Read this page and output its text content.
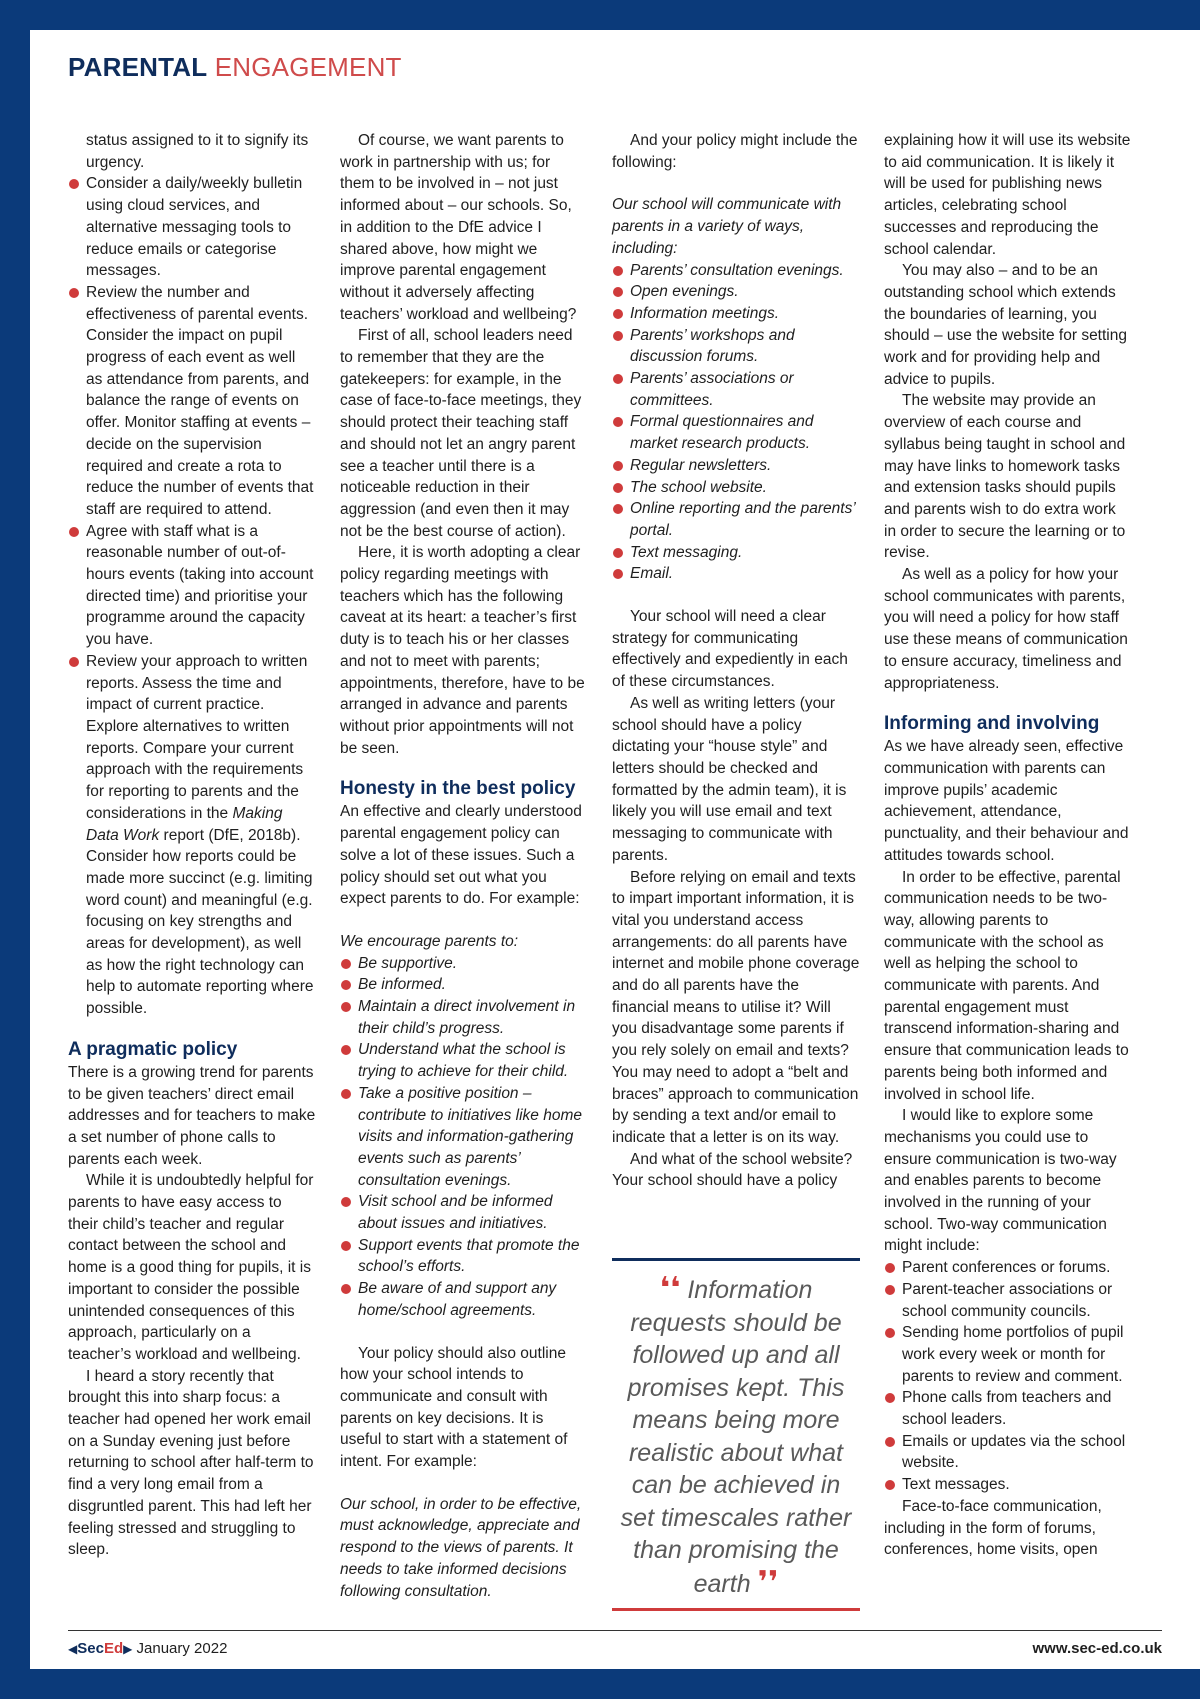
PARENTAL ENGAGEMENT

status assigned to it to signify its urgency.

Consider a daily/weekly bulletin using cloud services, and alternative messaging tools to reduce emails or categorise messages.
Review the number and effectiveness of parental events. Consider the impact on pupil progress of each event as well as attendance from parents, and balance the range of events on offer. Monitor staffing at events – decide on the supervision required and create a rota to reduce the number of events that staff are required to attend.
Agree with staff what is a reasonable number of out-of-hours events (taking into account directed time) and prioritise your programme around the capacity you have.
Review your approach to written reports. Assess the time and impact of current practice. Explore alternatives to written reports. Compare your current approach with the requirements for reporting to parents and the considerations in the Making Data Work report (DfE, 2018b). Consider how reports could be made more succinct (e.g. limiting word count) and meaningful (e.g. focusing on key strengths and areas for development), as well as how the right technology can help to automate reporting where possible.
A pragmatic policy

There is a growing trend for parents to be given teachers’ direct email addresses and for teachers to make a set number of phone calls to parents each week.

While it is undoubtedly helpful for parents to have easy access to their child’s teacher and regular contact between the school and home is a good thing for pupils, it is important to consider the possible unintended consequences of this approach, particularly on a teacher’s workload and wellbeing.

I heard a story recently that brought this into sharp focus: a teacher had opened her work email on a Sunday evening just before returning to school after half-term to find a very long email from a disgruntled parent. This had left her feeling stressed and struggling to sleep.

Of course, we want parents to work in partnership with us; for them to be involved in – not just informed about – our schools. So, in addition to the DfE advice I shared above, how might we improve parental engagement without it adversely affecting teachers’ workload and wellbeing?

First of all, school leaders need to remember that they are the gatekeepers: for example, in the case of face-to-face meetings, they should protect their teaching staff and should not let an angry parent see a teacher until there is a noticeable reduction in their aggression (and even then it may not be the best course of action).

Here, it is worth adopting a clear policy regarding meetings with teachers which has the following caveat at its heart: a teacher’s first duty is to teach his or her classes and not to meet with parents; appointments, therefore, have to be arranged in advance and parents without prior appointments will not be seen.

Honesty in the best policy

An effective and clearly understood parental engagement policy can solve a lot of these issues. Such a policy should set out what you expect parents to do. For example:

We encourage parents to:

Be supportive.
Be informed.
Maintain a direct involvement in their child’s progress.
Understand what the school is trying to achieve for their child.
Take a positive position – contribute to initiatives like home visits and information-gathering events such as parents’ consultation evenings.
Visit school and be informed about issues and initiatives.
Support events that promote the school’s efforts.
Be aware of and support any home/school agreements.

Your policy should also outline how your school intends to communicate and consult with parents on key decisions. It is useful to start with a statement of intent. For example:

Our school, in order to be effective, must acknowledge, appreciate and respond to the views of parents. It needs to take informed decisions following consultation.

And your policy might include the following:

Our school will communicate with parents in a variety of ways, including:

Parents’ consultation evenings.
Open evenings.
Information meetings.
Parents’ workshops and discussion forums.
Parents’ associations or committees.
Formal questionnaires and market research products.
Regular newsletters.
The school website.
Online reporting and the parents’ portal.
Text messaging.
Email.

Your school will need a clear strategy for communicating effectively and expediently in each of these circumstances.

As well as writing letters (your school should have a policy dictating your “house style” and letters should be checked and formatted by the admin team), it is likely you will use email and text messaging to communicate with parents.

Before relying on email and texts to impart important information, it is vital you understand access arrangements: do all parents have internet and mobile phone coverage and do all parents have the financial means to utilise it? Will you disadvantage some parents if you rely solely on email and texts? You may need to adopt a “belt and braces” approach to communication by sending a text and/or email to indicate that a letter is on its way.

And what of the school website? Your school should have a policy

❛❛ Information requests should be followed up and all promises kept. This means being more realistic about what can be achieved in set timescales rather than promising the earth ❜❜

explaining how it will use its website to aid communication. It is likely it will be used for publishing news articles, celebrating school successes and reproducing the school calendar.

You may also – and to be an outstanding school which extends the boundaries of learning, you should – use the website for setting work and for providing help and advice to pupils.

The website may provide an overview of each course and syllabus being taught in school and may have links to homework tasks and extension tasks should pupils and parents wish to do extra work in order to secure the learning or to revise.

As well as a policy for how your school communicates with parents, you will need a policy for how staff use these means of communication to ensure accuracy, timeliness and appropriateness.

Informing and involving

As we have already seen, effective communication with parents can improve pupils’ academic achievement, attendance, punctuality, and their behaviour and attitudes towards school.

In order to be effective, parental communication needs to be two-way, allowing parents to communicate with the school as well as helping the school to communicate with parents. And parental engagement must transcend information-sharing and ensure that communication leads to parents being both informed and involved in school life.

I would like to explore some mechanisms you could use to ensure communication is two-way and enables parents to become involved in the running of your school. Two-way communication might include:

Parent conferences or forums.
Parent-teacher associations or school community councils.
Sending home portfolios of pupil work every week or month for parents to review and comment.
Phone calls from teachers and school leaders.
Emails or updates via the school website.
Text messages.

Face-to-face communication, including in the form of forums, conferences, home visits, open

◀SecEd▶ January 2022	www.sec-ed.co.uk
